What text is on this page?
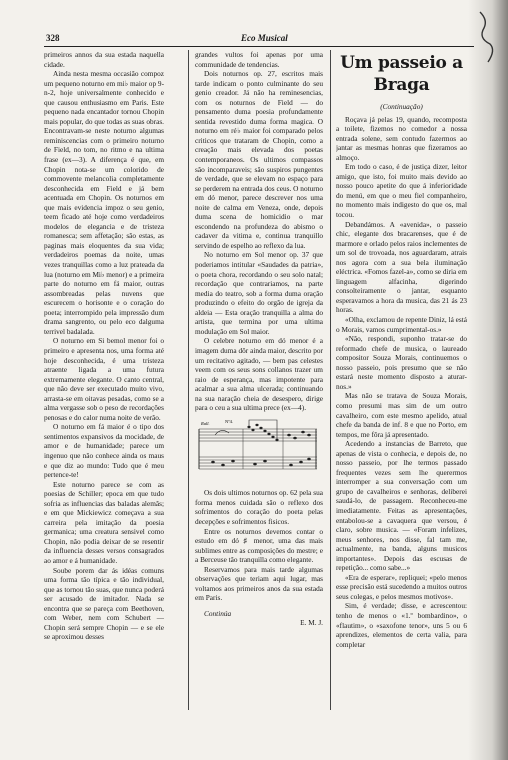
328	Eco Musical

primeiros annos da sua estada naquella cidade.

Ainda nesta mesma occasião compoz um pequeno noturno em mi♭ maior op 9-n-2, hoje universalmente conhecido e que causou enthusiasmo em Paris. Este pequeno nada encantador tornou Chopin mais popular, do que todas as suas obras. Encontravam-se neste noturno algumas reminiscencias com o primeiro noturno de Field, no tom, no ritmo e na ultima frase (ex—3). A diferença é que, em Chopin nota-se um colorido de commovente melancolia completamente desconhecida em Field e já bem acentuada em Chopin. Os noturnos em que mais evidencia impoz o seu genio, teem ficado até hoje como verdadeiros modelos de elegancia e de tristeza romanesca; sem affetação; são estas, as paginas mais eloquentes da sua vida; verdadeiros poemas da noite, umas vezes tranquillas como a luz prateada da lua (noturno em Mi♭ menor) e a primeira parte do noturno em fá maior, outras assombreadas pelas nuvens que escurecem o horisonte e o coração do poeta; interrompido pela impressão dum drama sangrento, ou pelo eco dalguma terrivel badalada.

O noturno em Si bemol menor foi o primeiro e apresenta nos, uma forma até hoje desconhecida, é uma tristeza atraente ligada a uma futura extremamente elegante. O canto central, que não deve ser executado muito vivo, arrasta-se em oitavas pesadas, como se a alma vergasse sob o peso de recordações penosas e do calor numa noite de verão.

O noturno em fá maior é o tipo dos sentimentos expansivos da mocidade, de amor e de humanidade; parece um ingenuo que não conhece ainda os maus e que diz ao mundo: Tudo que é meu pertence-te!

Este noturno parece se com as poesias de Schiller; epoca em que tudo sofria as influencias das baladas alemãs; e em que Mickiewicz começava a sua carreira pela imitação da poesia germanica; uma creatura sensivel como Chopin, não podia deixar de se resentir da influencia desses versos consagrados ao amor e á humanidade.

Soube porem dar ás idéas comuns uma forma tão típica e tão individual, que as tornou tão suas, que nunca poderá ser acusado de imitador. Nada se encontra que se pareça com Beethoven, com Weber, nem com Schubert — Chopin será sempre Chopin — e se ele se aproximou desses

grandes vultos foi apenas por uma communidade de tendencias.

Dois noturnos op. 27, escritos mais tarde indicam o ponto culminante do seu genio creador. Já não ha reminesencias, com os noturnos de Field — do pensamento duma poesia profundamente sentida revestido duma forma magica. O noturno em ré♭ maior foi comparado pelos criticos que trataram de Chopin, como a creação mais elevada dos poetas contemporaneos. Os ultimos compassos são incomparaveis; são suspiros pungentes de verdade, que se elevam no espaço para se perderem na entrada dos ceus. O noturno em dó menor, parece descrever nos uma noite de calma em Veneza, onde, depois duma scena de homicidio o mar escondendo na profundeza do abismo o cadaver da vitima e, continua tranquillo servindo de espelho ao reflexo da lua.

No noturno em Sol menor op. 37 que poderiamos intitular «Saudades da patria», o poeta chora, recordando o seu solo natal; recordação que contrariamos, na parte media do teatro, sob a forma duma oração produzindo o efeito do orgão de igreja da aldeia — Esta oração tranquilla a alma do artista, que termina por uma ultima modulação em Sol maior.

O celebre noturno em dó menor é a imagem duma dôr ainda maior, descrito por um recitativo agitado, — bem pas celestes veem com os seus sons collanos trazer um raio de esperança, mas impotente para acalmar a sua alma ulcerada; continuando na sua naração cheia de desespero, dirige para o ceu a sua ultima prece (ex—4).

Rall.	Nº4.

Os dois ultimos noturnos op. 62 pela sua forma menos cuidada são o reflexo dos sofrimentos do coração do poeta pelas decepções e sofrimentos fisicos.

Entre os noturnos devemos contar o estudo em dó ♯ menor, uma das mais sublimes entre as composições do mestre; e a Berceuse tão tranquilla como elegante.

Reservamos para mais tarde algumas observações que teriam aqui lugar, mas voltamos aos primeiros anos da sua estada em Paris.

Continúa

E. M. J.

Um passeio a Braga
(Continuação)

Roçava já pelas 19, quando, recomposta a toilete, fizemos no comedor a nossa entrada solene, sem contudo fazermos ao jantar as mesmas honras que fizeramos ao almoço.

Em todo o caso, é de justiça dizer, leitor amigo, que isto, foi muito mais devido ao nosso pouco apetite do que á inferioridade do menú, em que o meu fiel companheiro, no momento mais indigesto do que os, mal tocou.

Debandámos. A «avenida», o passeio chic, elegante dos bracarenses, que é de marmore e orlado pelos raios inclementes de um sol de trovoada, nos aguardaram, atrais nos agora com a sua bela iluminação eléctrica. «Fomos fazel-a», como se diria em linguagem alfacinha, digerindo consolteiramente o jantar, esquanto esperavamos a hora da musica, das 21 ás 23 horas.

«Olha, exclamou de repente Diniz, lá está o Morais, vamos cumprimental-os.»

«Não, respondi, suponho tratar-se do reformado chefe de musica, o laureado compositor Souza Morais, continuemos o nosso passeio, pois presumo que se não estará neste momento disposto a aturar-nos.»

Mas não se tratava de Souza Morais, como presumi mas sim de um outro cavalheiro, com este mesmo apelido, atual chefe da banda de inf. 8 e que no Porto, em tempos, me fôra já apresentado.

Acedendo a instancias de Barreto, que apenas de vista o conhecia, e depois de, no nosso passeio, por lhe termos passado frequentes vezes sem lhe querermos interromper a sua conversação com um grupo de cavalheiros e senhoras, deliberei saudá-lo, de passagem. Reconheceu-me imediatamente. Feitas as apresentações, entabolou-se a cavaquera que versou, é claro, sobre musica. — «Foram infelizes, meus senhores, nos disse, fal tam me, actualmente, na banda, alguns musicos importantes». Depois das escusas de repetição... como sabe...»

«Era de esperar», repliquei; «pelo menos esse precisão está sucedendo a muitos outros seus colegas, e pelos mesmos motivos».

Sim, é verdade; disse, e acrescentou: tenho de menos o «1.º bombardino», o «flautim», o «saxofone tenor», uns 5 ou 6 aprendizes, elementos de certa valia, para completar
